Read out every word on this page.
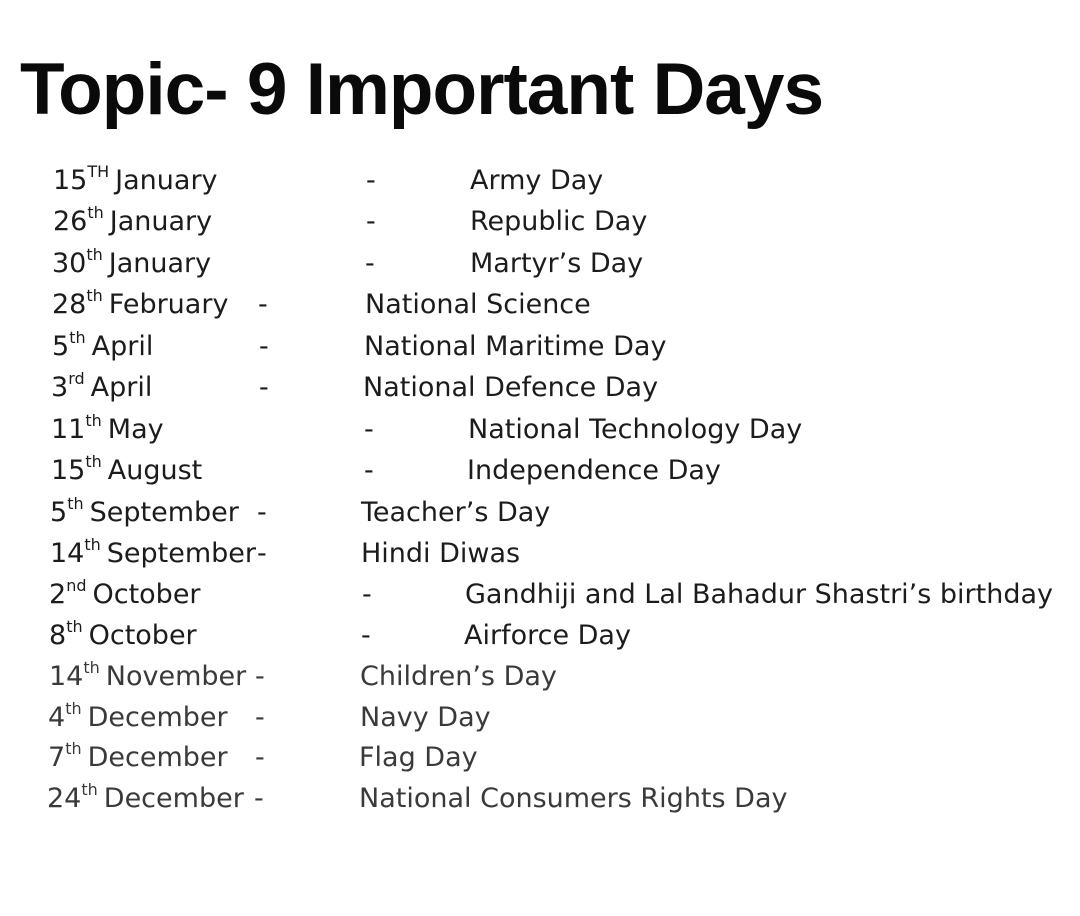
Topic- 9 Important Days
15TH January	-	Army Day
26th January	-	Republic Day
30th January	-	Martyr’s Day
28th February -	National Science
5th April	-	National Maritime Day
3rd April	-	National Defence Day
11th May	-	National Technology Day
15th August	-	Independence Day
5th September -	Teacher’s Day
14th September -	Hindi Diwas
2nd October	-	Gandhiji and Lal Bahadur Shastri’s birthday
8th October	-	Airforce Day
14th November -	Children’s Day
4th December -	Navy Day
7th December -	Flag Day
24th December -	National Consumers Rights Day
